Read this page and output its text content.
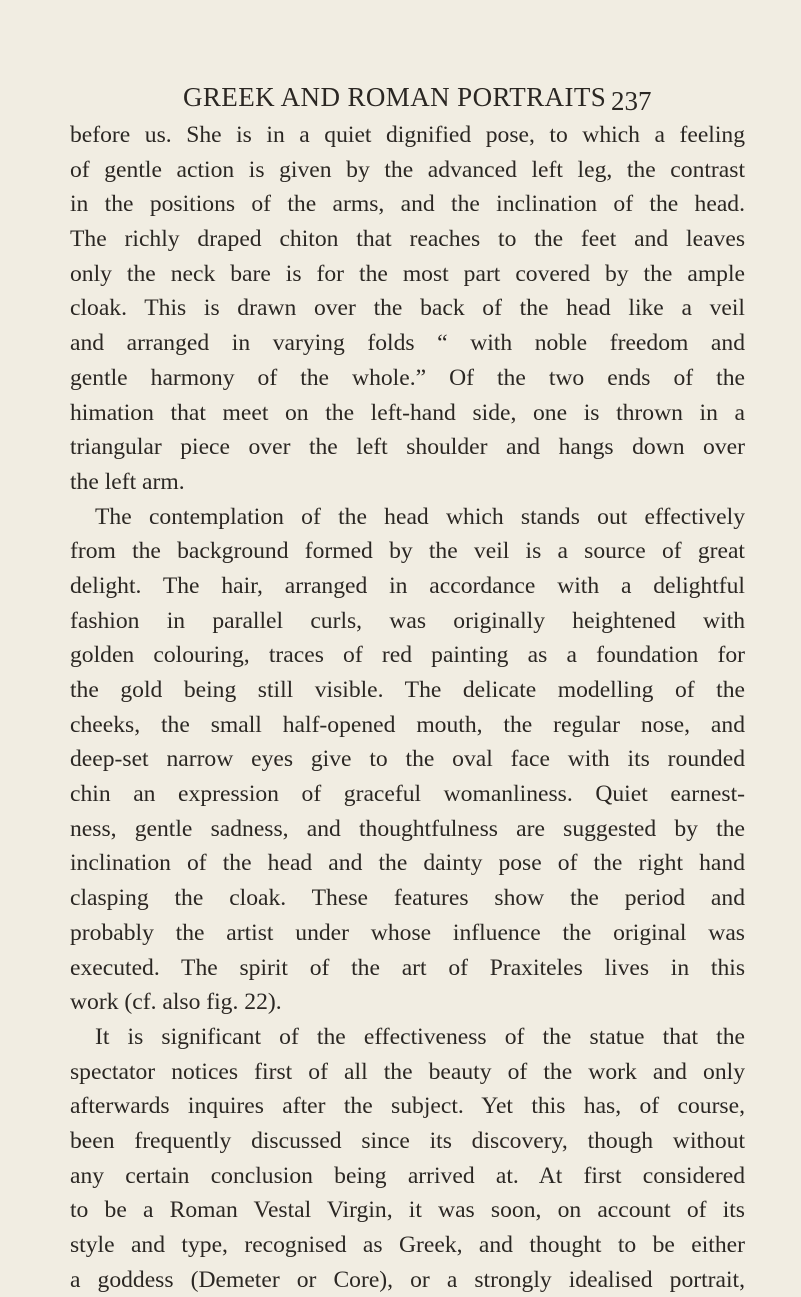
GREEK AND ROMAN PORTRAITS 237
before us. She is in a quiet dignified pose, to which a feeling
of gentle action is given by the advanced left leg, the contrast
in the positions of the arms, and the inclination of the head.
The richly draped chiton that reaches to the feet and leaves
only the neck bare is for the most part covered by the ample
cloak. This is drawn over the back of the head like a veil
and arranged in varying folds “ with noble freedom and
gentle harmony of the whole.” Of the two ends of the
himation that meet on the left-hand side, one is thrown in a
triangular piece over the left shoulder and hangs down over
the left arm.
The contemplation of the head which stands out effectively
from the background formed by the veil is a source of great
delight. The hair, arranged in accordance with a delightful
fashion in parallel curls, was originally heightened with
golden colouring, traces of red painting as a foundation for
the gold being still visible. The delicate modelling of the
cheeks, the small half-opened mouth, the regular nose, and
deep-set narrow eyes give to the oval face with its rounded
chin an expression of graceful womanliness. Quiet earnest-
ness, gentle sadness, and thoughtfulness are suggested by the
inclination of the head and the dainty pose of the right hand
clasping the cloak. These features show the period and
probably the artist under whose influence the original was
executed. The spirit of the art of Praxiteles lives in this
work (cf. also fig. 22).
It is significant of the effectiveness of the statue that the
spectator notices first of all the beauty of the work and only
afterwards inquires after the subject. Yet this has, of course,
been frequently discussed since its discovery, though without
any certain conclusion being arrived at. At first considered
to be a Roman Vestal Virgin, it was soon, on account of its
style and type, recognised as Greek, and thought to be either
a goddess (Demeter or Core), or a strongly idealised portrait,
